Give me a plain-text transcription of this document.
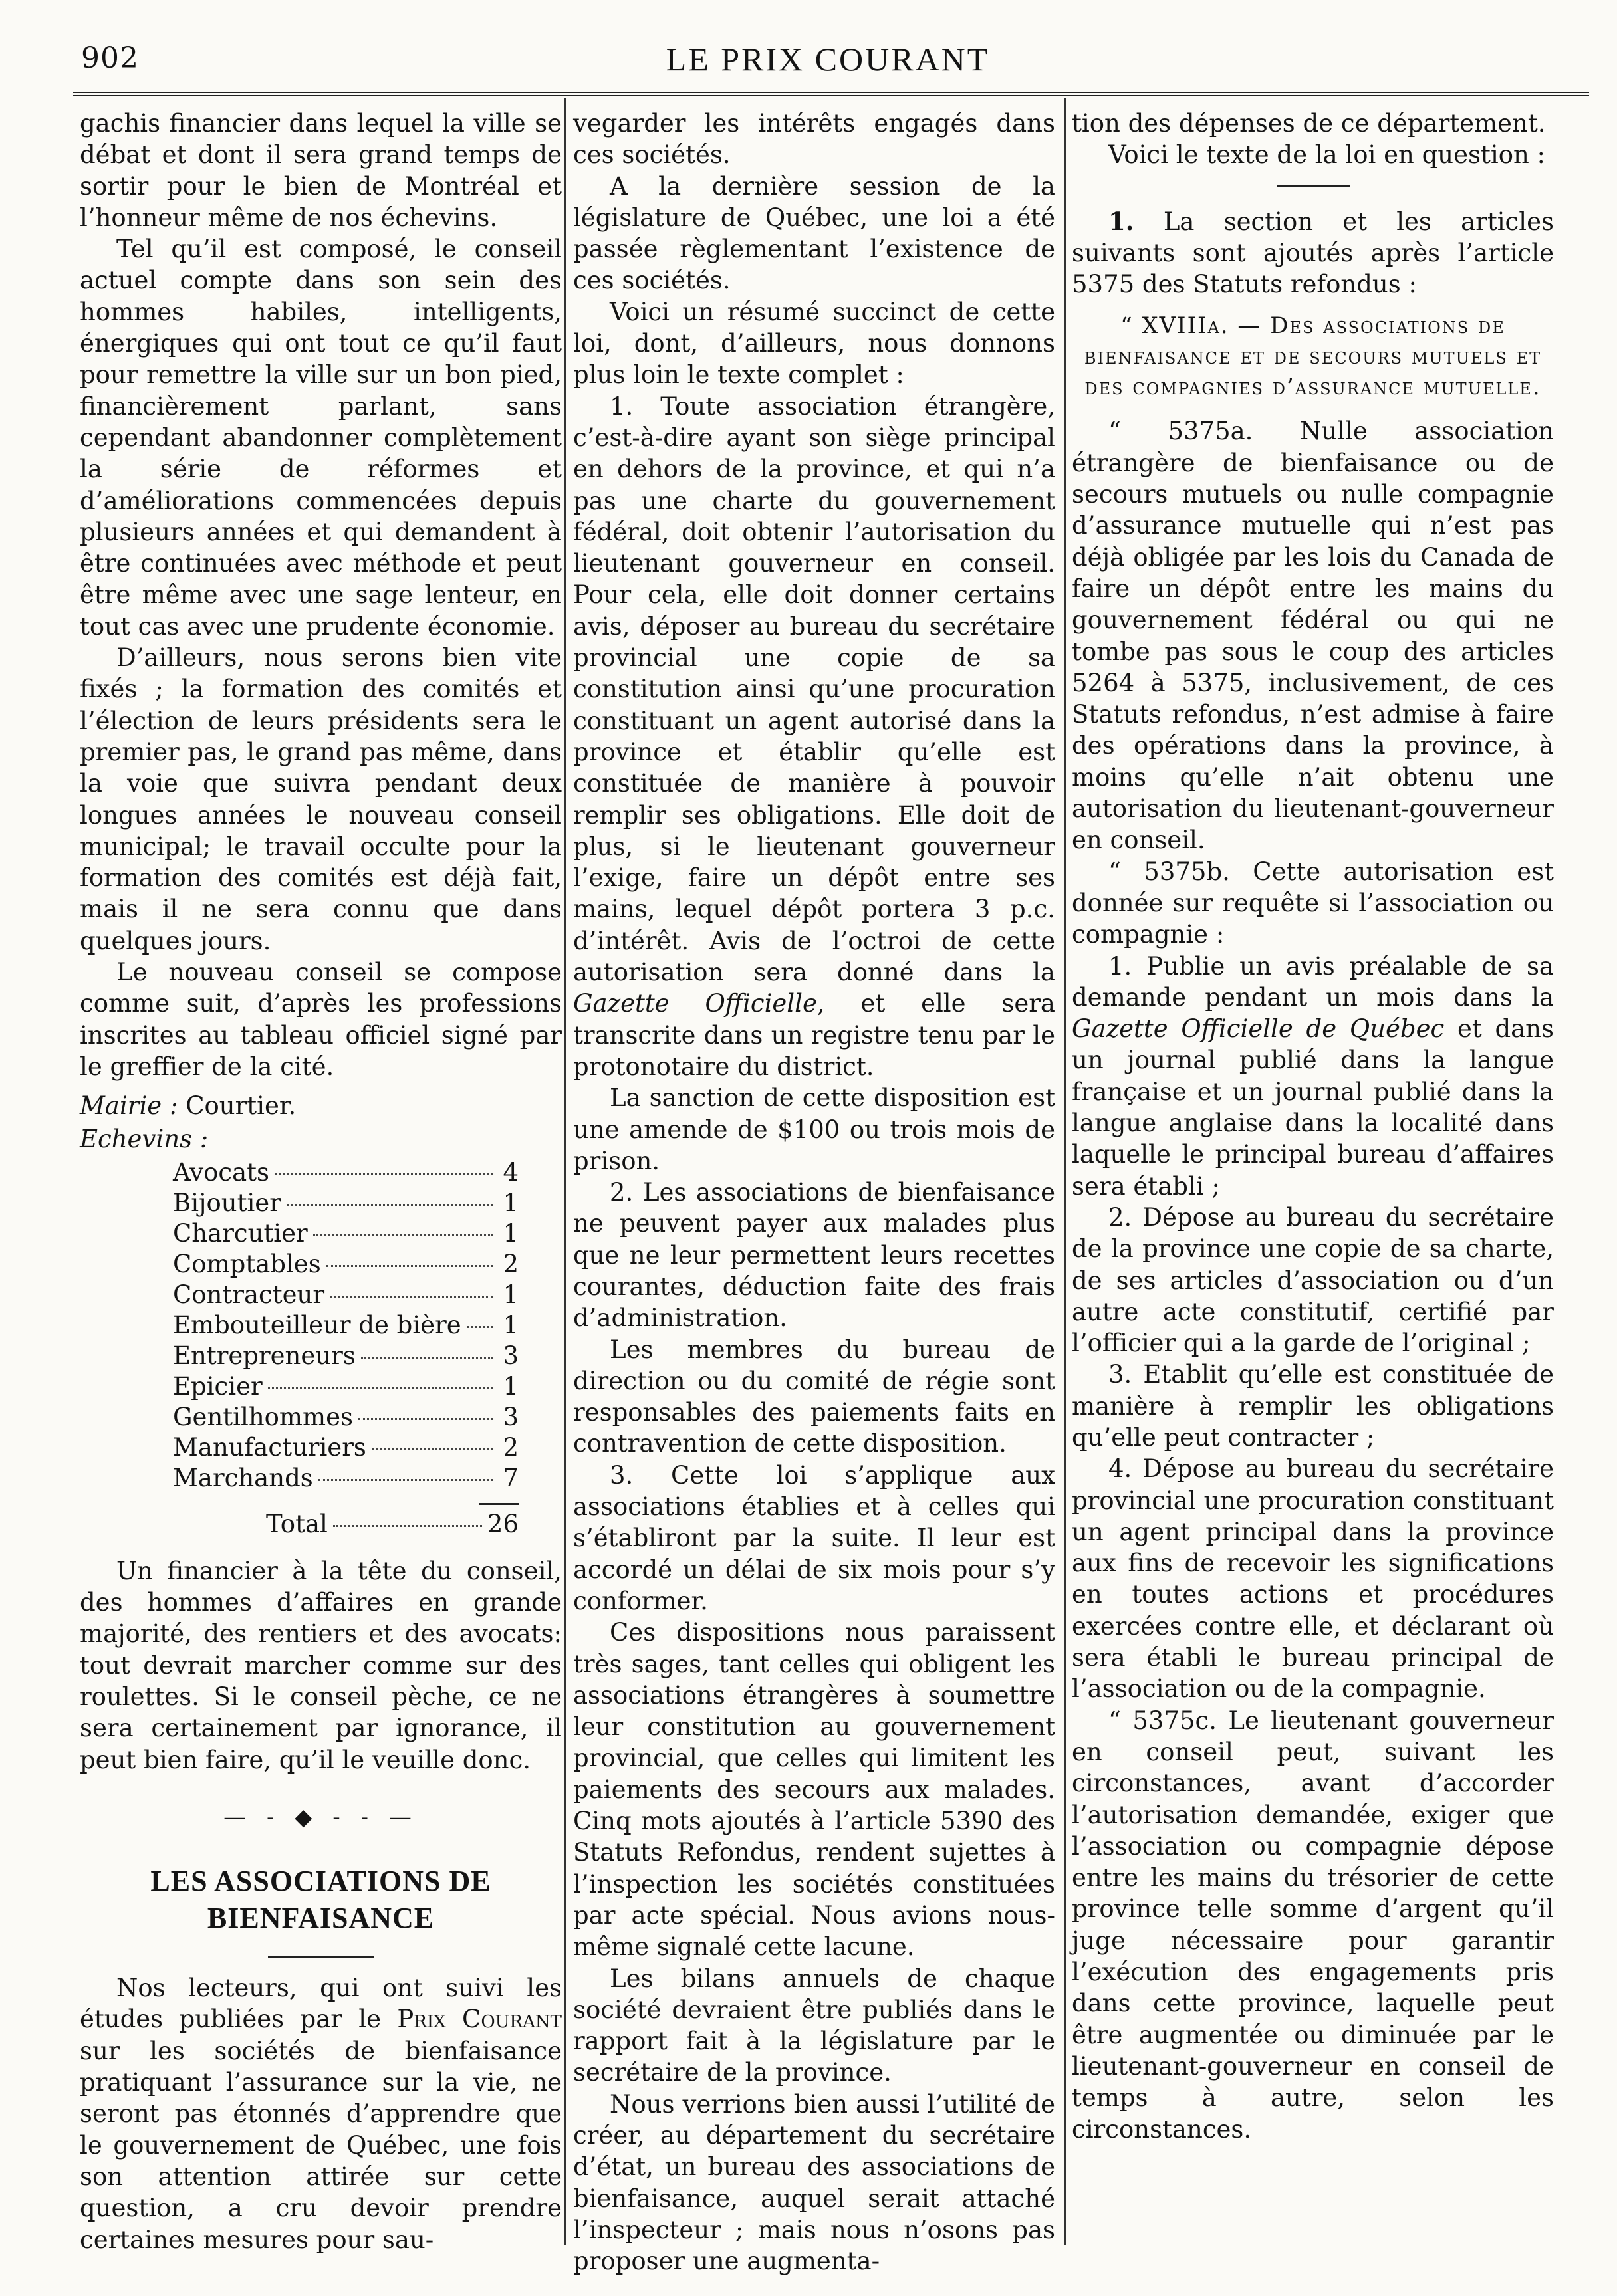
902	LE PRIX COURANT

gachis financier dans lequel la ville se débat et dont il sera grand temps de sortir pour le bien de Montréal et l’honneur même de nos échevins.

Tel qu’il est composé, le conseil actuel compte dans son sein des hommes habiles, intelligents, énergiques qui ont tout ce qu’il faut pour remettre la ville sur un bon pied, financièrement parlant, sans cependant abandonner complètement la série de réformes et d’améliorations commencées depuis plusieurs années et qui demandent à être continuées avec méthode et peut être même avec une sage lenteur, en tout cas avec une prudente économie.

D’ailleurs, nous serons bien vite fixés ; la formation des comités et l’élection de leurs présidents sera le premier pas, le grand pas même, dans la voie que suivra pendant deux longues années le nouveau conseil municipal; le travail occulte pour la formation des comités est déjà fait, mais il ne sera connu que dans quelques jours.

Le nouveau conseil se compose comme suit, d’après les professions inscrites au tableau officiel signé par le greffier de la cité.

Mairie : Courtier.
Echevins :
Avocats	4
Bijoutier	1
Charcutier	1
Comptables	2
Contracteur	1
Embouteilleur de bière 1
Entrepreneurs	3
Epicier	1
Gentilhommes	3
Manufacturiers	2
Marchands	7
Total	26

Un financier à la tête du conseil, des hommes d’affaires en grande majorité, des rentiers et des avocats: tout devrait marcher comme sur des roulettes. Si le conseil pèche, ce ne sera certainement par ignorance, il peut bien faire, qu’il le veuille donc.

— - ◆ - - —
LES ASSOCIATIONS DE BIENFAISANCE

Nos lecteurs, qui ont suivi les études publiées par le Prix Courant sur les sociétés de bienfaisance pratiquant l’assurance sur la vie, ne seront pas étonnés d’apprendre que le gouvernement de Québec, une fois son attention attirée sur cette question, a cru devoir prendre certaines mesures pour sau-

vegarder les intérêts engagés dans ces sociétés.

A la dernière session de la législature de Québec, une loi a été passée règlementant l’existence de ces sociétés.

Voici un résumé succinct de cette loi, dont, d’ailleurs, nous donnons plus loin le texte complet :

1. Toute association étrangère, c’est-à-dire ayant son siège principal en dehors de la province, et qui n’a pas une charte du gouvernement fédéral, doit obtenir l’autorisation du lieutenant gouverneur en conseil. Pour cela, elle doit donner certains avis, déposer au bureau du secrétaire provincial une copie de sa constitution ainsi qu’une procuration constituant un agent autorisé dans la province et établir qu’elle est constituée de manière à pouvoir remplir ses obligations. Elle doit de plus, si le lieutenant gouverneur l’exige, faire un dépôt entre ses mains, lequel dépôt portera 3 p.c. d’intérêt. Avis de l’octroi de cette autorisation sera donné dans la Gazette Officielle, et elle sera transcrite dans un registre tenu par le protonotaire du district.

La sanction de cette disposition est une amende de $100 ou trois mois de prison.

2. Les associations de bienfaisance ne peuvent payer aux malades plus que ne leur permettent leurs recettes courantes, déduction faite des frais d’administration.

Les membres du bureau de direction ou du comité de régie sont responsables des paiements faits en contravention de cette disposition.

3. Cette loi s’applique aux associations établies et à celles qui s’établiront par la suite. Il leur est accordé un délai de six mois pour s’y conformer.

Ces dispositions nous paraissent très sages, tant celles qui obligent les associations étrangères à soumettre leur constitution au gouvernement provincial, que celles qui limitent les paiements des secours aux malades. Cinq mots ajoutés à l’article 5390 des Statuts Refondus, rendent sujettes à l’inspection les sociétés constituées par acte spécial. Nous avions nous-même signalé cette lacune.

Les bilans annuels de chaque société devraient être publiés dans le rapport fait à la législature par le secrétaire de la province.

Nous verrions bien aussi l’utilité de créer, au département du secrétaire d’état, un bureau des associations de bienfaisance, auquel serait attaché l’inspecteur ; mais nous n’osons pas proposer une augmenta-

tion des dépenses de ce département.

Voici le texte de la loi en question :

1. La section et les articles suivants sont ajoutés après l’article 5375 des Statuts refondus :

“ XVIIIa. — Des associations de bienfaisance et de secours mutuels et des compagnies d’assurance mutuelle.

“ 5375a. Nulle association étrangère de bienfaisance ou de secours mutuels ou nulle compagnie d’assurance mutuelle qui n’est pas déjà obligée par les lois du Canada de faire un dépôt entre les mains du gouvernement fédéral ou qui ne tombe pas sous le coup des articles 5264 à 5375, inclusivement, de ces Statuts refondus, n’est admise à faire des opérations dans la province, à moins qu’elle n’ait obtenu une autorisation du lieutenant-gouverneur en conseil.

“ 5375b. Cette autorisation est donnée sur requête si l’association ou compagnie :

1. Publie un avis préalable de sa demande pendant un mois dans la Gazette Officielle de Québec et dans un journal publié dans la langue française et un journal publié dans la langue anglaise dans la localité dans laquelle le principal bureau d’affaires sera établi ;

2. Dépose au bureau du secrétaire de la province une copie de sa charte, de ses articles d’association ou d’un autre acte constitutif, certifié par l’officier qui a la garde de l’original ;

3. Etablit qu’elle est constituée de manière à remplir les obligations qu’elle peut contracter ;

4. Dépose au bureau du secrétaire provincial une procuration constituant un agent principal dans la province aux fins de recevoir les significations en toutes actions et procédures exercées contre elle, et déclarant où sera établi le bureau principal de l’association ou de la compagnie.

“ 5375c. Le lieutenant gouverneur en conseil peut, suivant les circonstances, avant d’accorder l’autorisation demandée, exiger que l’association ou compagnie dépose entre les mains du trésorier de cette province telle somme d’argent qu’il juge nécessaire pour garantir l’exécution des engagements pris dans cette province, laquelle peut être augmentée ou diminuée par le lieutenant-gouverneur en conseil de temps à autre, selon les circonstances.
